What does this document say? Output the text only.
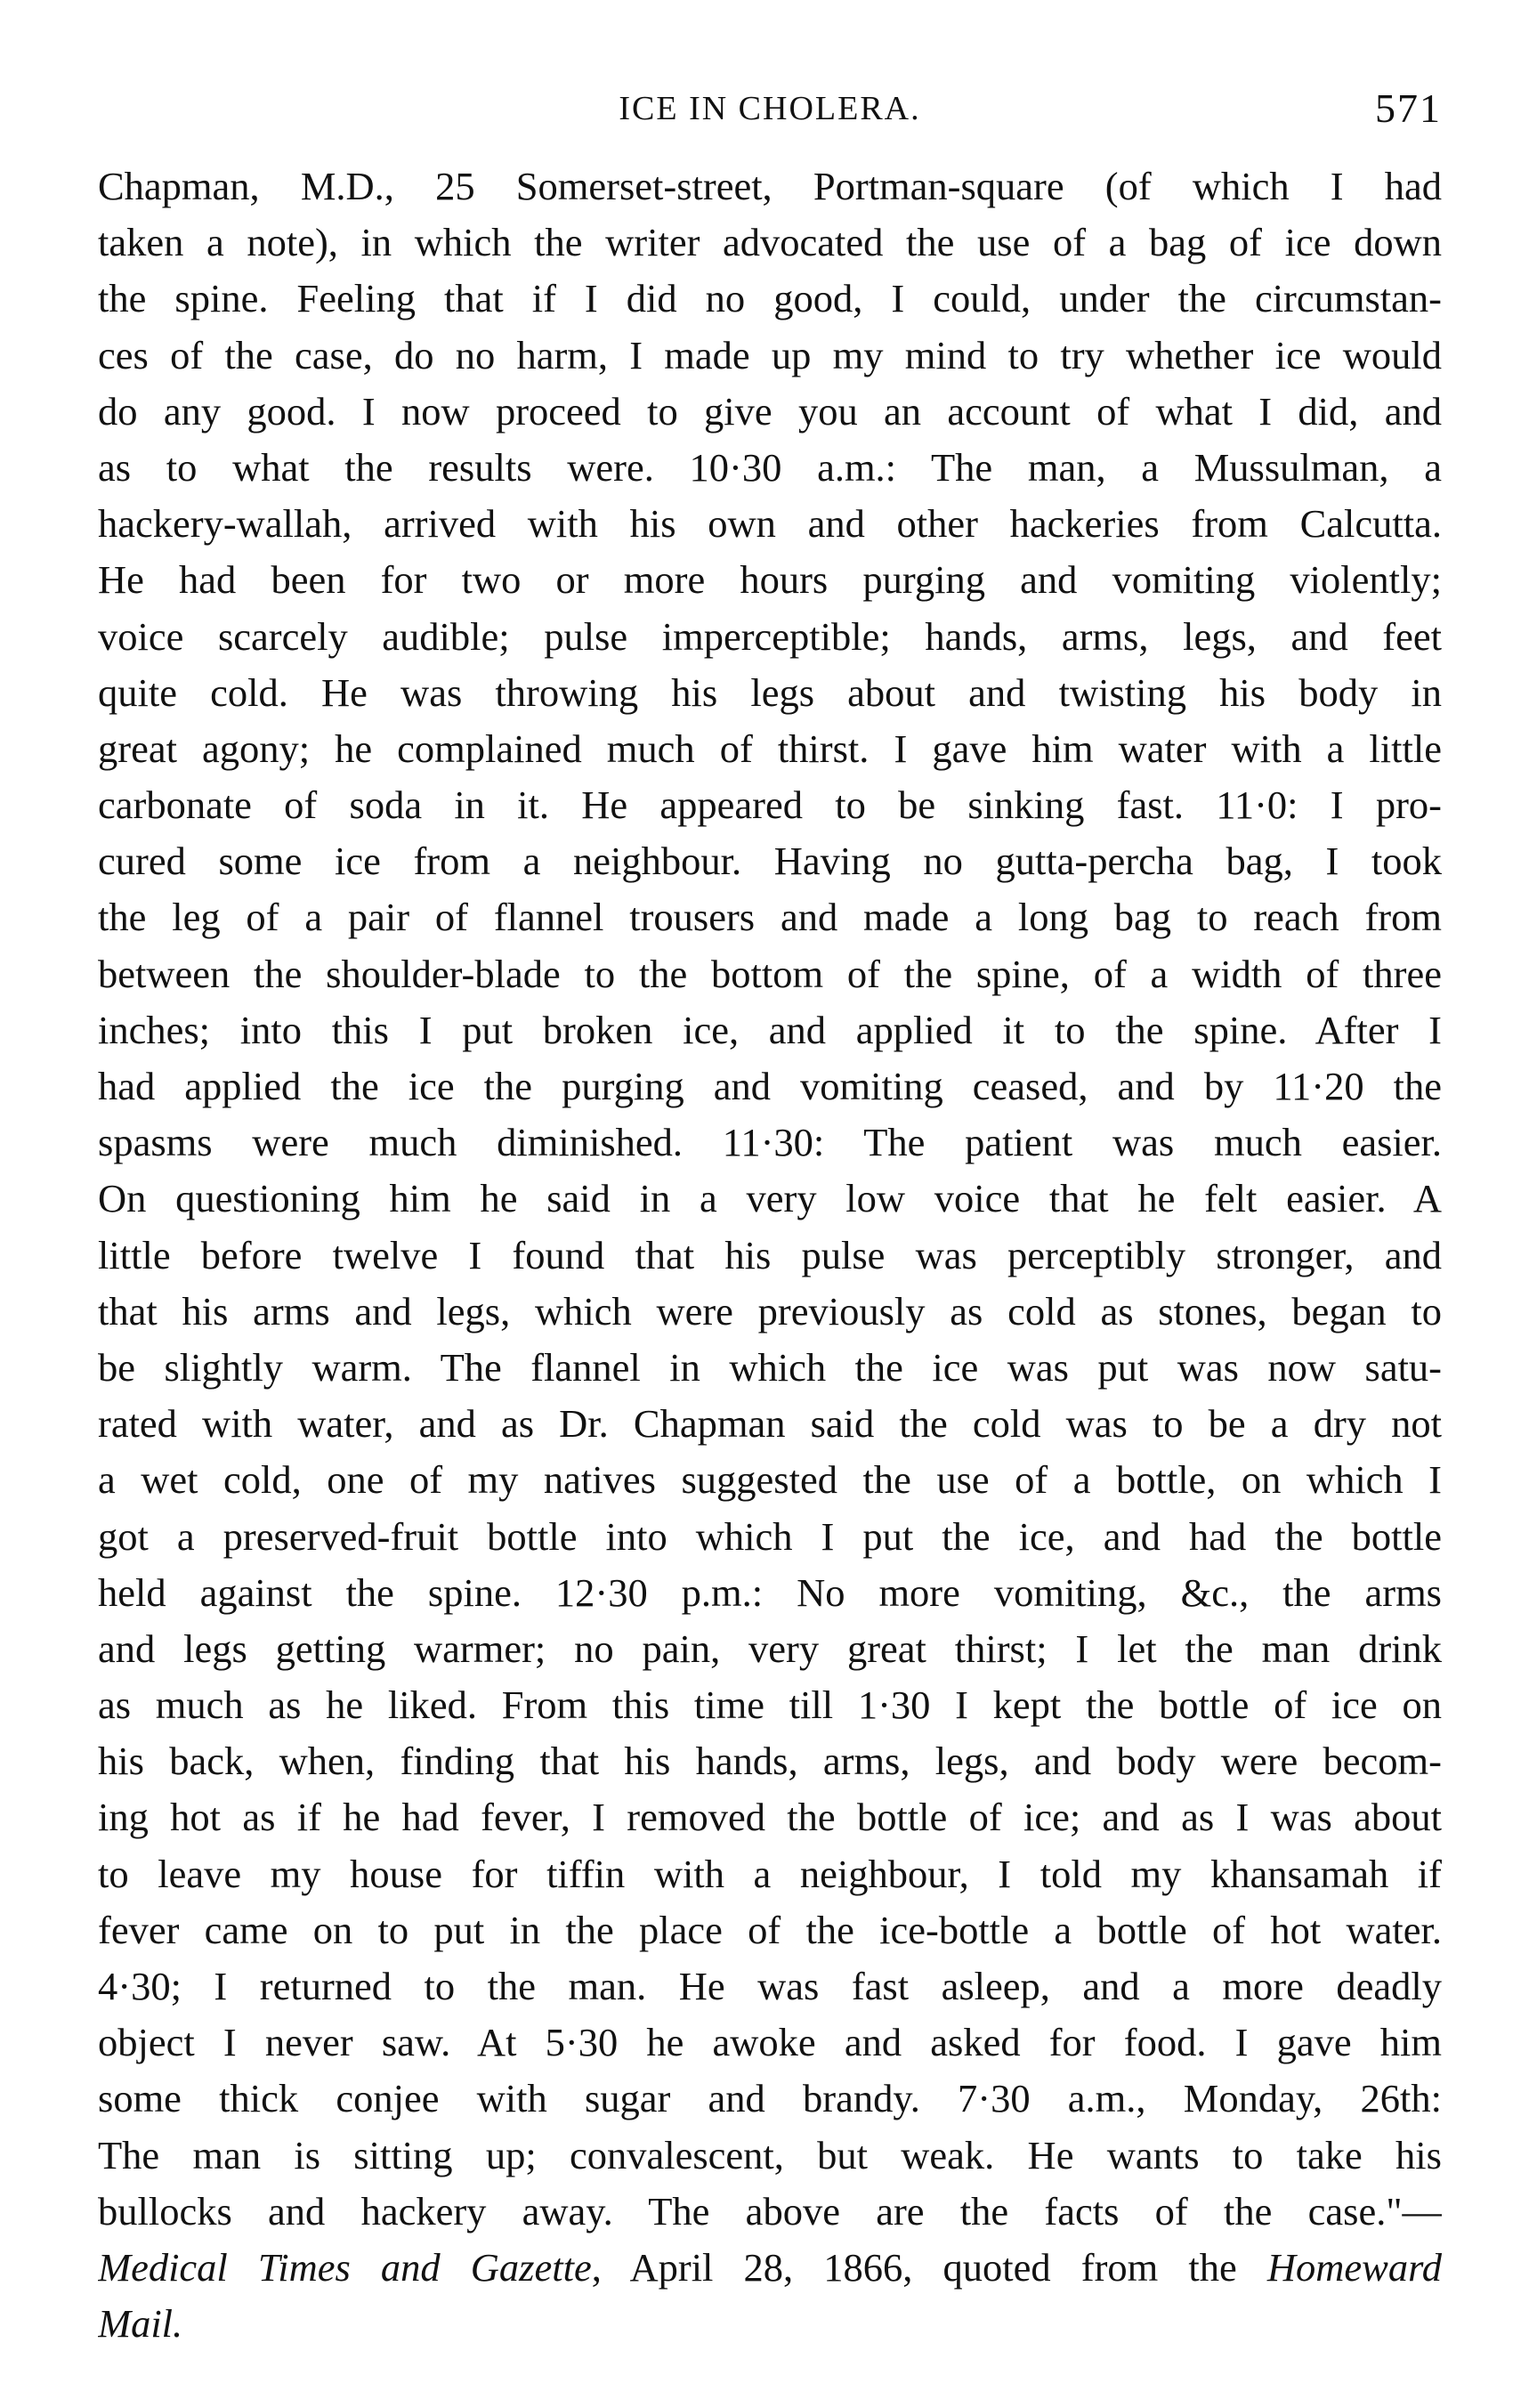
ICE IN CHOLERA.	571
Chapman, M.D., 25 Somerset-street, Portman-square (of which I had
taken a note), in which the writer advocated the use of a bag of ice down
the spine. Feeling that if I did no good, I could, under the circumstan-
ces of the case, do no harm, I made up my mind to try whether ice would
do any good. I now proceed to give you an account of what I did, and
as to what the results were. 10·30 a.m.: The man, a Mussulman, a
hackery-wallah, arrived with his own and other hackeries from Calcutta.
He had been for two or more hours purging and vomiting violently;
voice scarcely audible; pulse imperceptible; hands, arms, legs, and feet
quite cold. He was throwing his legs about and twisting his body in
great agony; he complained much of thirst. I gave him water with a little
carbonate of soda in it. He appeared to be sinking fast. 11·0: I pro-
cured some ice from a neighbour. Having no gutta-percha bag, I took
the leg of a pair of flannel trousers and made a long bag to reach from
between the shoulder-blade to the bottom of the spine, of a width of three
inches; into this I put broken ice, and applied it to the spine. After I
had applied the ice the purging and vomiting ceased, and by 11·20 the
spasms were much diminished. 11·30: The patient was much easier.
On questioning him he said in a very low voice that he felt easier. A
little before twelve I found that his pulse was perceptibly stronger, and
that his arms and legs, which were previously as cold as stones, began to
be slightly warm. The flannel in which the ice was put was now satu-
rated with water, and as Dr. Chapman said the cold was to be a dry not
a wet cold, one of my natives suggested the use of a bottle, on which I
got a preserved-fruit bottle into which I put the ice, and had the bottle
held against the spine. 12·30 p.m.: No more vomiting, &c., the arms
and legs getting warmer; no pain, very great thirst; I let the man drink
as much as he liked. From this time till 1·30 I kept the bottle of ice on
his back, when, finding that his hands, arms, legs, and body were becom-
ing hot as if he had fever, I removed the bottle of ice; and as I was about
to leave my house for tiffin with a neighbour, I told my khansamah if
fever came on to put in the place of the ice-bottle a bottle of hot water.
4·30; I returned to the man. He was fast asleep, and a more deadly
object I never saw. At 5·30 he awoke and asked for food. I gave him
some thick conjee with sugar and brandy. 7·30 a.m., Monday, 26th:
The man is sitting up; convalescent, but weak. He wants to take his
bullocks and hackery away. The above are the facts of the case."—
Medical Times and Gazette, April 28, 1866, quoted from the Homeward
Mail.
